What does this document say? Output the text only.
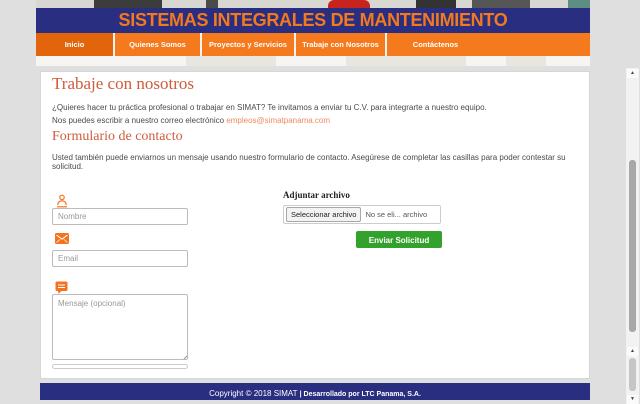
SISTEMAS INTEGRALES DE MANTENIMIENTO
Inicio	Quienes Somos	Proyectos y Servicios	Trabaje con Nosotros	Contáctenos
Trabaje con nosotros
¿Quieres hacer tu práctica profesional o trabajar en SIMAT? Te invitamos a enviar tu C.V. para integrarte a nuestro equipo.
Nos puedes escribir a nuestro correo electrónico empleos@simatpanama.com
Formulario de contacto
Usted también puede enviarnos un mensaje usando nuestro formulario de contacto. Asegúrese de completar las casillas para poder contestar su solicitud.
Nombre
Email
Mensaje (opcional)
Adjuntar archivo
Seleccionar archivo	No se eli... archivo
Enviar Solicitud
Copyright © 2018 SIMAT | Desarrollado por LTC Panama, S.A.
▲
▲
▼
